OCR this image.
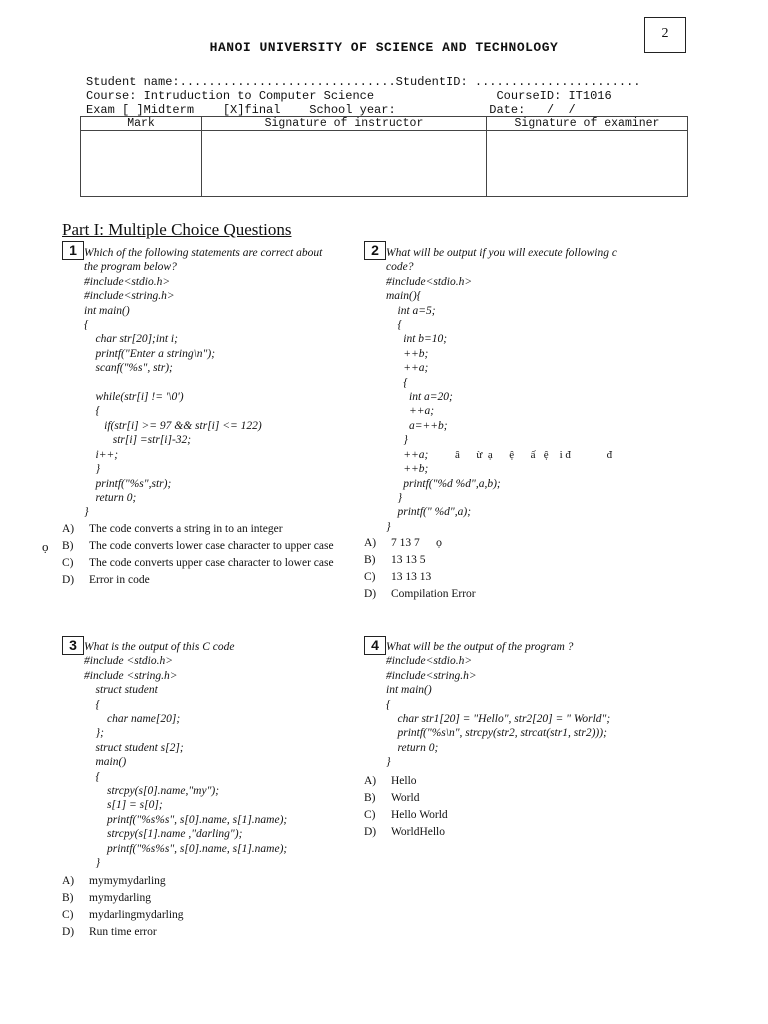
2
HANOI UNIVERSITY OF SCIENCE AND TECHNOLOGY
Student name:..............................StudentID: .......................
Course: Intruduction to Computer Science                 CourseID: IT1016
Exam [ ]Midterm    [X]final    School year:             Date:   /  /
Mark	Signature of instructor	Signature of examiner

Part I: Multiple Choice Questions
1 Which of the following statements are correct about
the program below?
#include<stdio.h>
#include<string.h>
int main()
{
char str[20];int i;
printf("Enter a string\n");
scanf("%s", str);

while(str[i] != '\0')
{
if(str[i] >= 97 && str[i] <= 122)
str[i] =str[i]-32;
i++;
}
printf("%s",str);
return 0;
}
A)	The code converts a string in to an integer
B)	The code converts lower case character to upper case
C)	The code converts upper case character to lower case
D)	Error in code
ọ
2 What will be output if you will execute following c
code?
#include<stdio.h>
main(){
int a=5;
{
int b=10;
++b;
++a;
{
int a=20;
++a;
a=++b;
}
++a;
++b;
printf("%d %d",a,b);
}
printf(" %d",a);
}
A)	7 13 7
B)	13 13 5
C)	13 13 13
D)	Compilation Error
ọ
â      ừ  ạ      ệ      ấ   ệ    i đ             đ
3 What is the output of this C code
#include <stdio.h>
#include <string.h>
struct student
{
char name[20];
};
struct student s[2];
main()
{
strcpy(s[0].name,"my");
s[1] = s[0];
printf("%s%s", s[0].name, s[1].name);
strcpy(s[1].name ,"darling");
printf("%s%s", s[0].name, s[1].name);
}
A)	mymymydarling
B)	mymydarling
C)	mydarlingmydarling
D)	Run time error
4 What will be the output of the program ?
#include<stdio.h>
#include<string.h>
int main()
{
char str1[20] = "Hello", str2[20] = " World";
printf("%s\n", strcpy(str2, strcat(str1, str2)));
return 0;
}
A)	Hello
B)	World
C)	Hello World
D)	WorldHello
